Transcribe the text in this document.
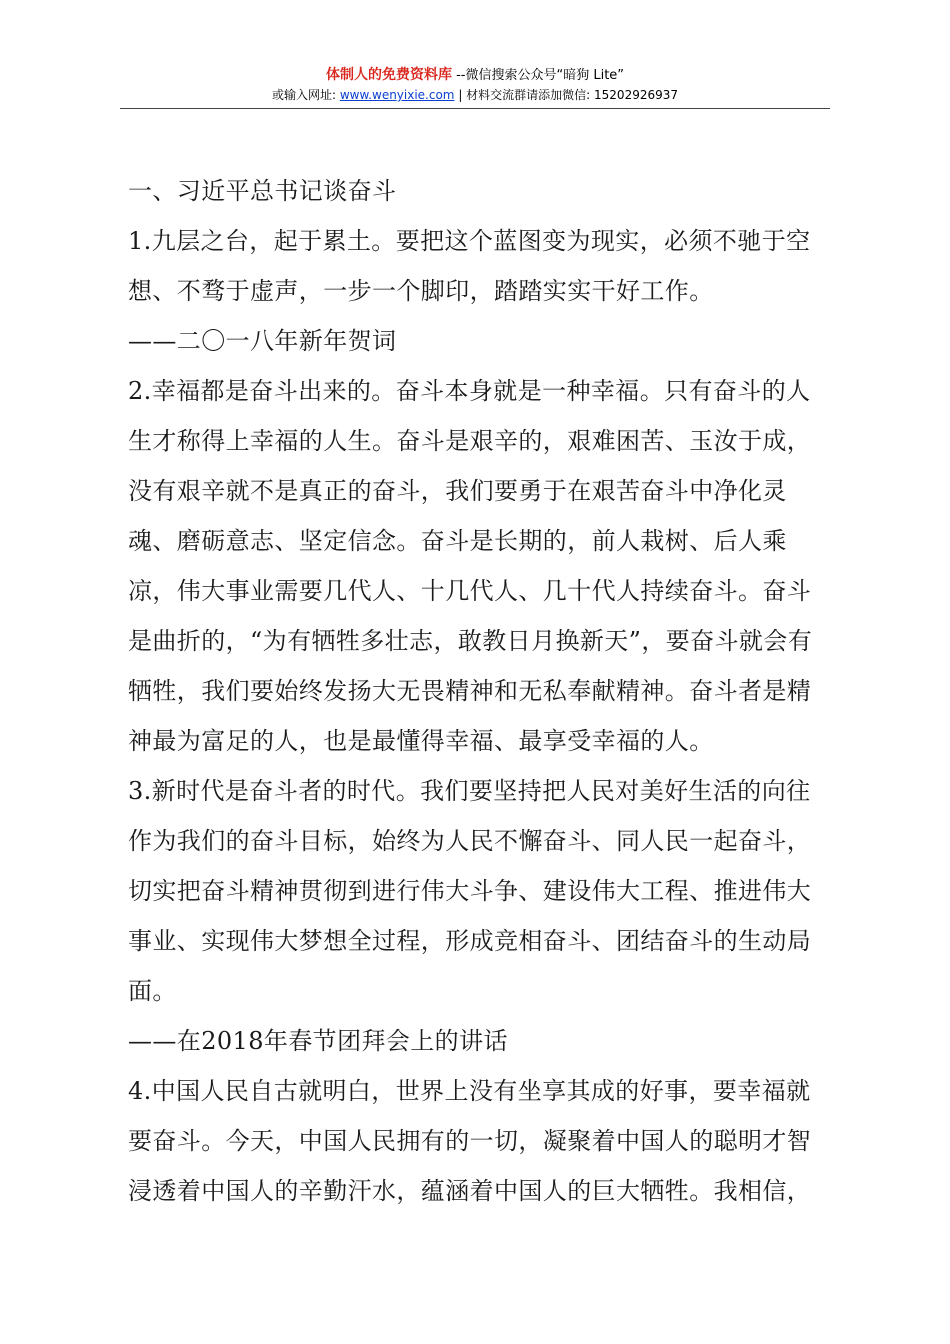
体制人的免费资料库 --微信搜索公众号“暗狗 Lite”
或输入网址: www.wenyixie.com | 材料交流群请添加微信: 15202926937

一、习近平总书记谈奋斗

1.九层之台，起于累土。要把这个蓝图变为现实，必须不驰于空想、不骛于虚声，一步一个脚印，踏踏实实干好工作。

——二〇一八年新年贺词

2.幸福都是奋斗出来的。奋斗本身就是一种幸福。只有奋斗的人生才称得上幸福的人生。奋斗是艰辛的，艰难困苦、玉汝于成，没有艰辛就不是真正的奋斗，我们要勇于在艰苦奋斗中净化灵魂、磨砺意志、坚定信念。奋斗是长期的，前人栽树、后人乘凉，伟大事业需要几代人、十几代人、几十代人持续奋斗。奋斗是曲折的，“为有牺牲多壮志，敢教日月换新天”，要奋斗就会有牺牲，我们要始终发扬大无畏精神和无私奉献精神。奋斗者是精神最为富足的人，也是最懂得幸福、最享受幸福的人。

3.新时代是奋斗者的时代。我们要坚持把人民对美好生活的向往作为我们的奋斗目标，始终为人民不懈奋斗、同人民一起奋斗，切实把奋斗精神贯彻到进行伟大斗争、建设伟大工程、推进伟大事业、实现伟大梦想全过程，形成竞相奋斗、团结奋斗的生动局面。

——在2018年春节团拜会上的讲话

4.中国人民自古就明白，世界上没有坐享其成的好事，要幸福就要奋斗。今天，中国人民拥有的一切，凝聚着中国人的聪明才智浸透着中国人的辛勤汗水，蕴涵着中国人的巨大牺牲。我相信，
